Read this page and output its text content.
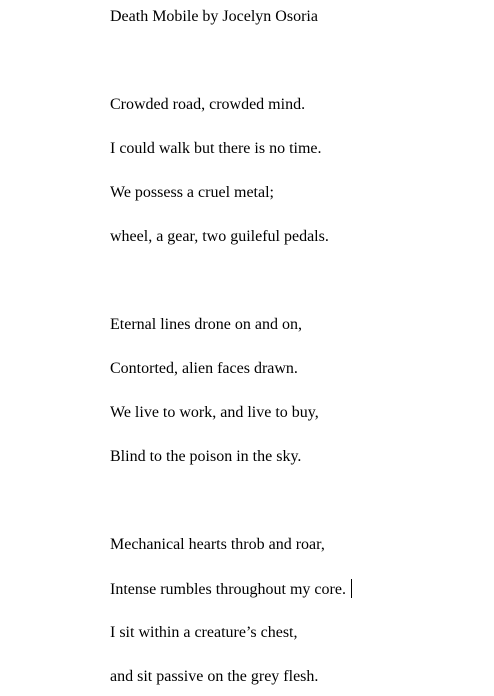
Death Mobile by Jocelyn Osoria
Crowded road, crowded mind.
I could walk but there is no time.
We possess a cruel metal;
wheel, a gear, two guileful pedals.
Eternal lines drone on and on,
Contorted, alien faces drawn.
We live to work, and live to buy,
Blind to the poison in the sky.
Mechanical hearts throb and roar,
Intense rumbles throughout my core.
I sit within a creature’s chest,
and sit passive on the grey flesh.
